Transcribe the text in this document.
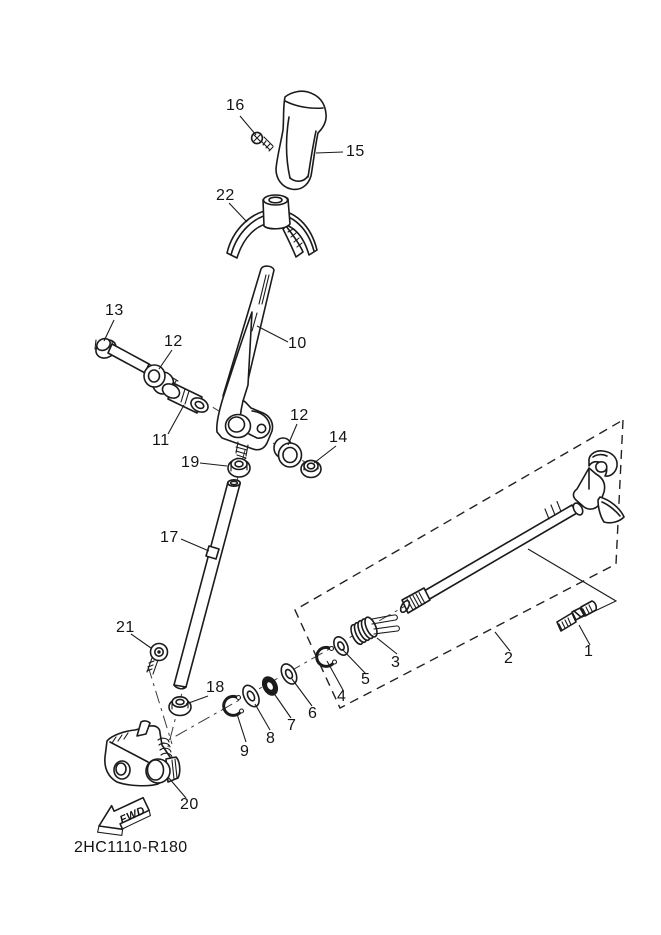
FWD
16
15
22
10
13
12
11
12
14
19
17
21
18
20
9
8
7
6
4
5
3	2	1
2HC1110-R180
